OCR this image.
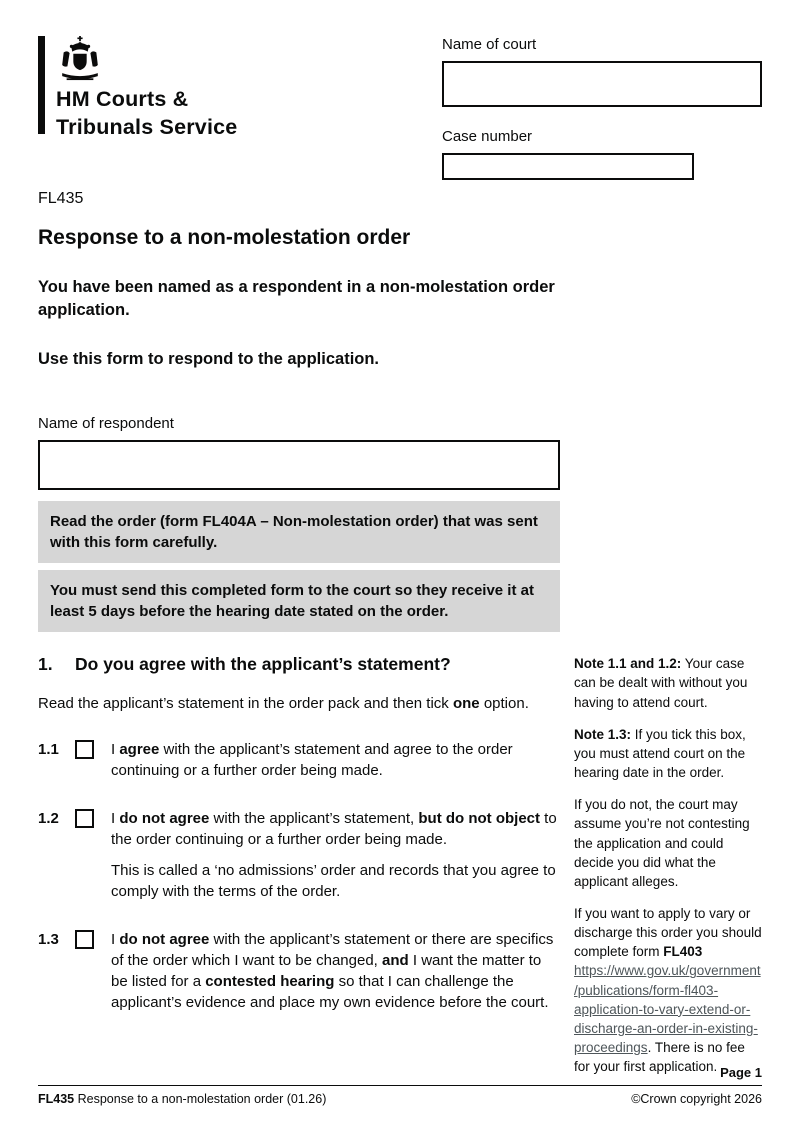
HM Courts &
Tribunals Service
Name of court
Case number
FL435
Response to a non-molestation order

You have been named as a respondent in a non-molestation order application.

Use this form to respond to the application.

Name of respondent
Read the order (form FL404A – Non-molestation order) that was sent with this form carefully.
You must send this completed form to the court so they receive it at least 5 days before the hearing date stated on the order.
1.	Do you agree with the applicant’s statement?

Read the applicant’s statement in the order pack and then tick one option.

1.1	I agree with the applicant’s statement and agree to the order continuing or a further order being made.

1.2	I do not agree with the applicant’s statement, but do not object to the order continuing or a further order being made.

This is called a ‘no admissions’ order and records that you agree to comply with the terms of the order.

1.3	I do not agree with the applicant’s statement or there are specifics of the order which I want to be changed, and I want the matter to be listed for a contested hearing so that I can challenge the applicant’s evidence and place my own evidence before the court.

Note 1.1 and 1.2: Your case can be dealt with without you having to attend court.

Note 1.3: If you tick this box, you must attend court on the hearing date in the order.

If you do not, the court may assume you’re not contesting the application and could decide you did what the applicant alleges.

If you want to apply to vary or discharge this order you should complete form FL403 https://www.gov.uk/government/publications/form-fl403-application-to-vary-extend-or-discharge-an-order-in-existing-proceedings. There is no fee for your first application. Page 1
FL435 Response to a non-molestation order (01.26)	©Crown copyright 2026
